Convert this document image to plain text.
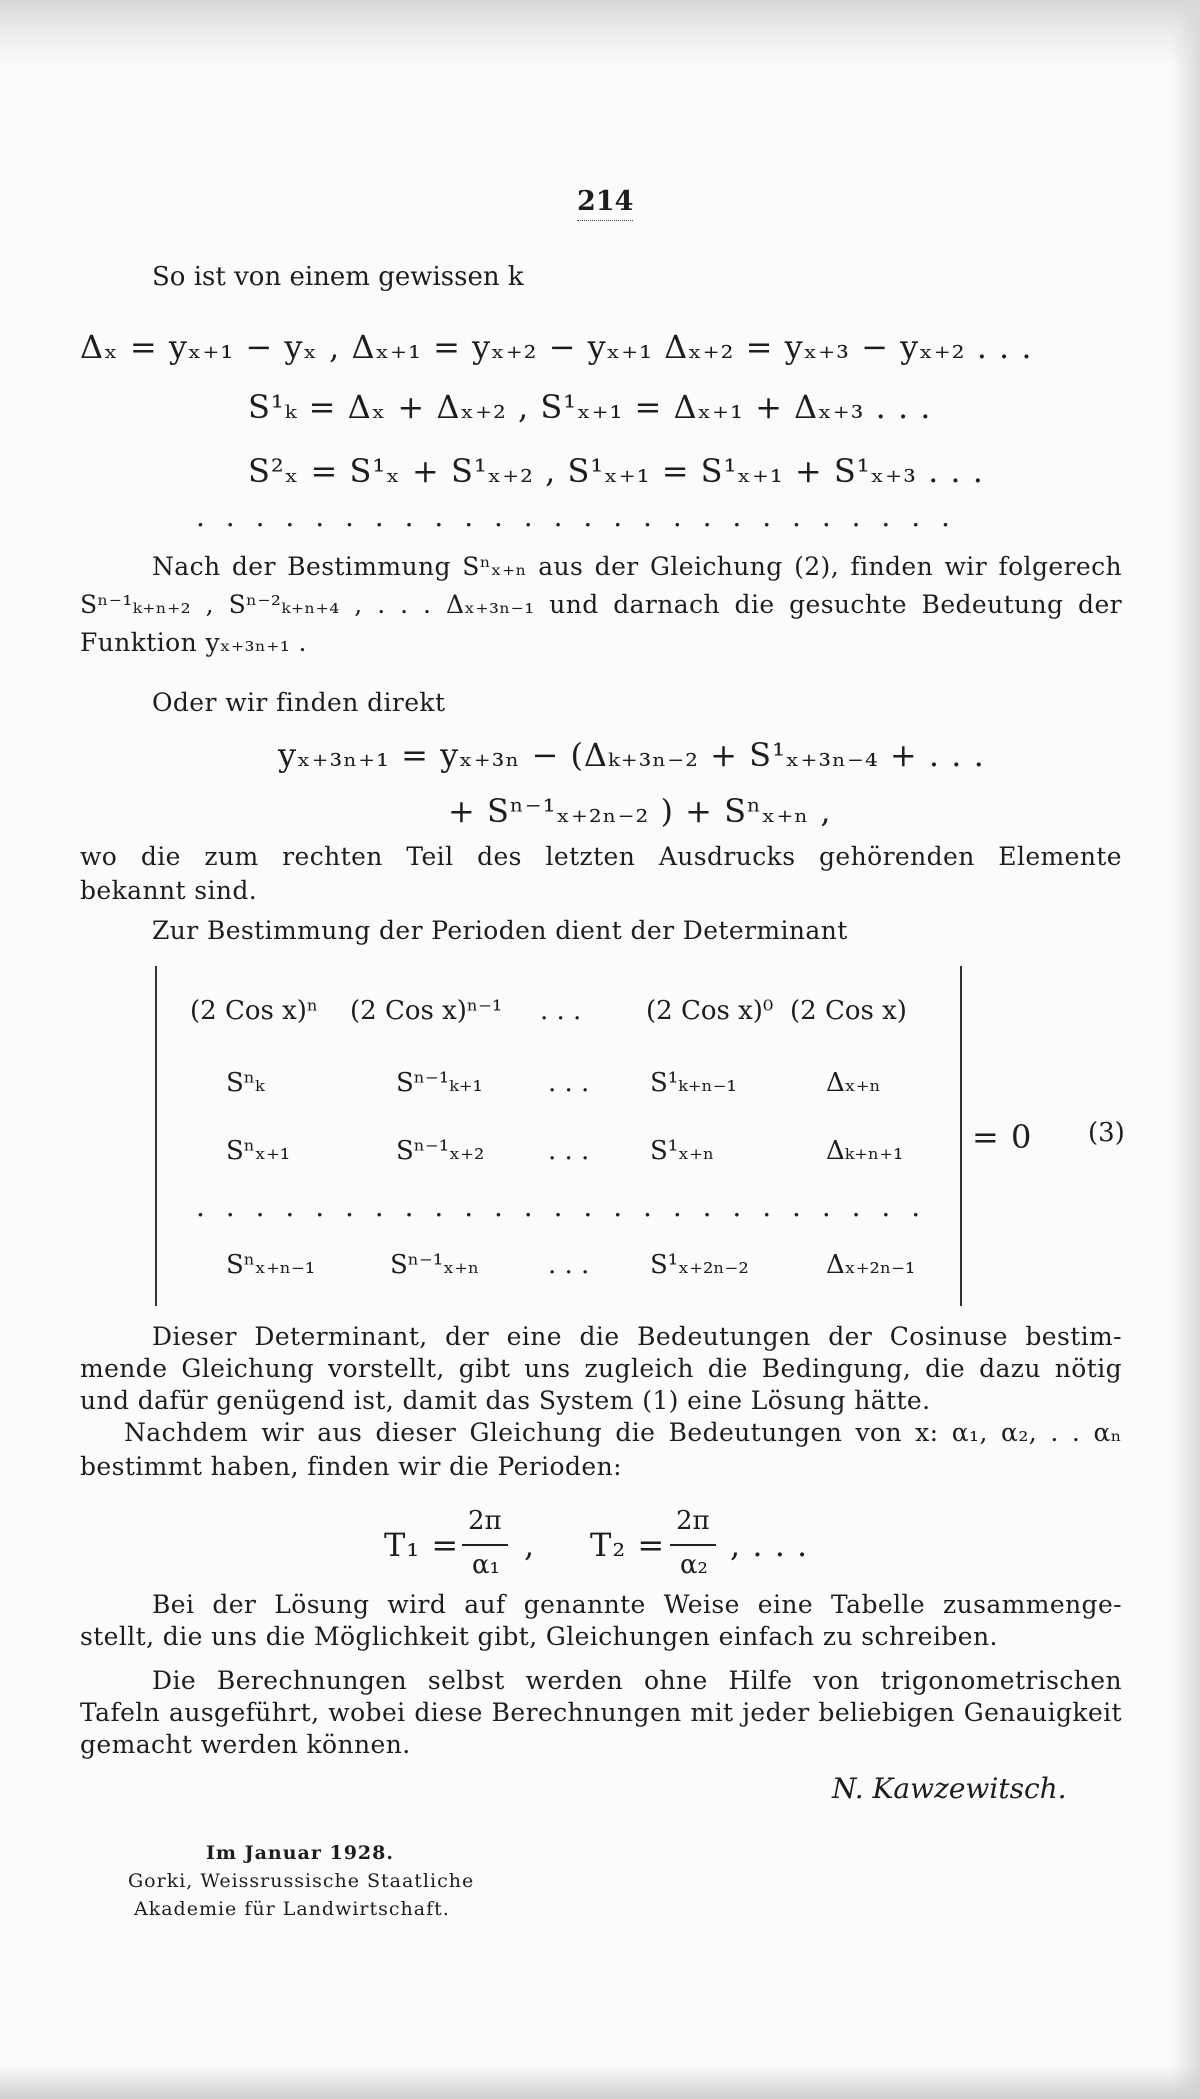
214
So ist von einem gewissen k
Δₓ = yₓ₊₁ − yₓ , Δₓ₊₁ = yₓ₊₂ − yₓ₊₁ Δₓ₊₂ = yₓ₊₃ − yₓ₊₂ . . .
S¹ₖ = Δₓ + Δₓ₊₂ , S¹ₓ₊₁ = Δₓ₊₁ + Δₓ₊₃ . . .
S²ₓ = S¹ₓ + S¹ₓ₊₂ , S¹ₓ₊₁ = S¹ₓ₊₁ + S¹ₓ₊₃ . . .
. . . . . . . . . . . . . . . . . . . . . . . . . .
Nach der Bestimmung Sⁿₓ₊ₙ aus der Gleichung (2), finden wir folgerech
Sⁿ⁻¹ₖ₊ₙ₊₂ , Sⁿ⁻²ₖ₊ₙ₊₄ , . . . Δₓ₊₃ₙ₋₁ und darnach die gesuchte Bedeutung der
Funktion yₓ₊₃ₙ₊₁ .
Oder wir finden direkt
yₓ₊₃ₙ₊₁ = yₓ₊₃ₙ − (Δₖ₊₃ₙ₋₂ + S¹ₓ₊₃ₙ₋₄ + . . .
+ Sⁿ⁻¹ₓ₊₂ₙ₋₂ ) + Sⁿₓ₊ₙ ,
wo die zum rechten Teil des letzten Ausdrucks gehörenden Elemente
bekannt sind.
Zur Bestimmung der Perioden dient der Determinant
(2 Cos x)ⁿ (2 Cos x)ⁿ⁻¹ . . . (2 Cos x)⁰ (2 Cos x)
Sⁿₖ	Sⁿ⁻¹ₖ₊₁	. . . S¹ₖ₊ₙ₋₁	Δₓ₊ₙ
Sⁿₓ₊₁	Sⁿ⁻¹ₓ₊₂ . . . S¹ₓ₊ₙ	Δₖ₊ₙ₊₁
. . . . . . . . . . . . . . . . . . . . . . . . .
Sⁿₓ₊ₙ₋₁	Sⁿ⁻¹ₓ₊ₙ	. . . S¹ₓ₊₂ₙ₋₂	Δₓ₊₂ₙ₋₁
= 0 (3)
Dieser Determinant, der eine die Bedeutungen der Cosinuse bestim-
mende Gleichung vorstellt, gibt uns zugleich die Bedingung, die dazu nötig
und dafür genügend ist, damit das System (1) eine Lösung hätte.
Nachdem wir aus dieser Gleichung die Bedeutungen von x: α₁, α₂, . . αₙ
bestimmt haben, finden wir die Perioden:
T₁ =
2π
α₁
, T₂ =
2π
α₂
, . . .
Bei der Lösung wird auf genannte Weise eine Tabelle zusammenge-
stellt, die uns die Möglichkeit gibt, Gleichungen einfach zu schreiben.
Die Berechnungen selbst werden ohne Hilfe von trigonometrischen
Tafeln ausgeführt, wobei diese Berechnungen mit jeder beliebigen Genauigkeit
gemacht werden können.
N. Kawzewitsch.
Im Januar 1928.
Gorki, Weissrussische Staatliche
Akademie für Landwirtschaft.
